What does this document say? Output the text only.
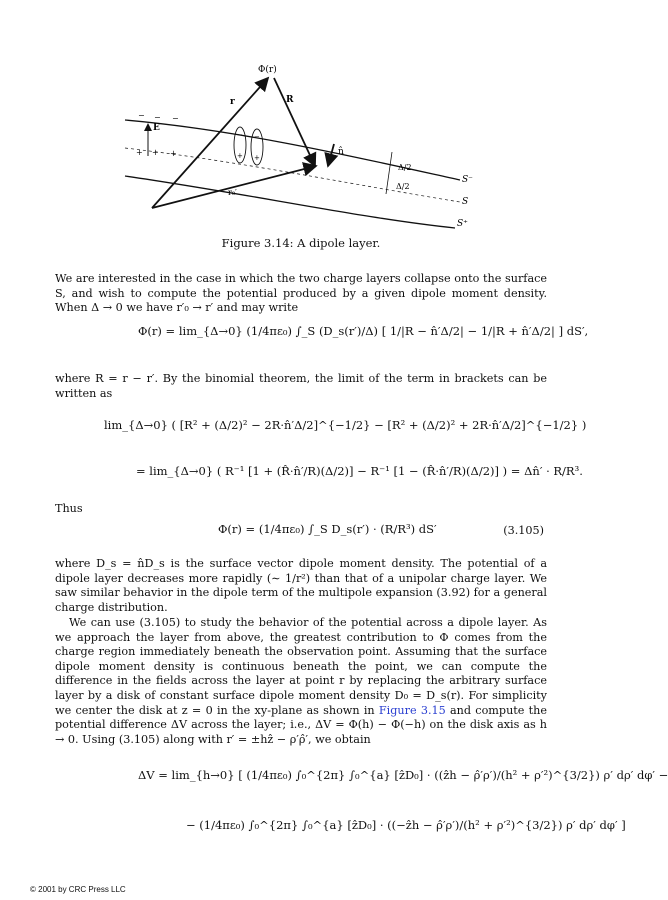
− −
+ +
− − −
+ + +
E
Φ(r)
r	R
n̂
r₀′
Δ/2
Δ/2
S⁻
S
S⁺
Figure 3.14: A dipole layer.
We are interested in the case in which the two charge layers collapse onto the surface S, and wish to compute the potential produced by a given dipole moment density. When Δ → 0 we have r′₀ → r′ and may write
Φ(r) = lim_{Δ→0} (1/4πε₀) ∫_S (D_s(r′)/Δ) [ 1/|R − n̂′Δ/2| − 1/|R + n̂′Δ/2| ] dS′,
where R = r − r′. By the binomial theorem, the limit of the term in brackets can be written as
lim_{Δ→0} ( [R² + (Δ/2)² − 2R·n̂′Δ/2]^{−1/2} − [R² + (Δ/2)² + 2R·n̂′Δ/2]^{−1/2} )
= lim_{Δ→0} ( R⁻¹ [1 + (R̂·n̂′/R)(Δ/2)] − R⁻¹ [1 − (R̂·n̂′/R)(Δ/2)] ) = Δn̂′ · R/R³.
Thus
Φ(r) = (1/4πε₀) ∫_S D_s(r′) · (R/R³) dS′	(3.105)
where D_s = n̂D_s is the surface vector dipole moment density. The potential of a dipole layer decreases more rapidly (∼ 1/r²) than that of a unipolar charge layer. We saw similar behavior in the dipole term of the multipole expansion (3.92) for a general charge distribution.
We can use (3.105) to study the behavior of the potential across a dipole layer. As we approach the layer from above, the greatest contribution to Φ comes from the charge region immediately beneath the observation point. Assuming that the surface dipole moment density is continuous beneath the point, we can compute the difference in the fields across the layer at point r by replacing the arbitrary surface layer by a disk of constant surface dipole moment density D₀ = D_s(r). For simplicity we center the disk at z = 0 in the xy-plane as shown in Figure 3.15 and compute the potential difference ΔV across the layer; i.e., ΔV = Φ(h) − Φ(−h) on the disk axis as h → 0. Using (3.105) along with r′ = ±hẑ − ρ′ρ̂′, we obtain
ΔV = lim_{h→0} [ (1/4πε₀) ∫₀^{2π} ∫₀^{a} [ẑD₀] · ((ẑh − ρ̂′ρ′)/(h² + ρ′²)^{3/2}) ρ′ dρ′ dφ′ −
− (1/4πε₀) ∫₀^{2π} ∫₀^{a} [ẑD₀] · ((−ẑh − ρ̂′ρ′)/(h² + ρ′²)^{3/2}) ρ′ dρ′ dφ′ ]
© 2001 by CRC Press LLC
